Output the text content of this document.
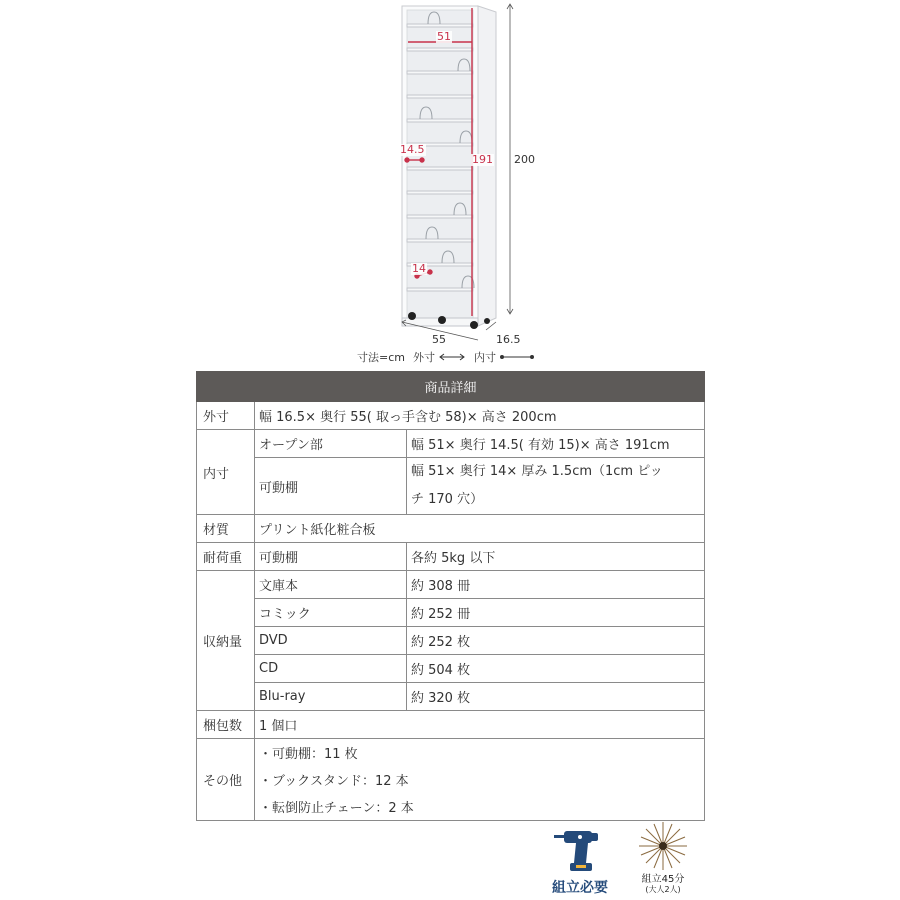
51
14.5
191
14
200
55	16.5
寸法=cm 外寸	内寸
商品詳細		
外寸	幅 16.5× 奥行 55( 取っ手含む 58)× 高さ 200cm	
内寸	オープン部	幅 51× 奥行 14.5( 有効 15)× 高さ 191cm
	可動棚	幅 51× 奥行 14× 厚み 1.5cm（1cm ピッ
チ 170 穴）
材質	プリント紙化粧合板	
耐荷重	可動棚	各約 5kg 以下
収納量	文庫本	約 308 冊
	コミック	約 252 冊
	DVD	約 252 枚
	CD	約 504 枚
	Blu-ray	約 320 枚
梱包数	1 個口	
その他	・可動棚：11 枚	
	・ブックスタンド：12 本	
	・転倒防止チェーン：2 本	
組立必要
組立45分
(大人2人)
